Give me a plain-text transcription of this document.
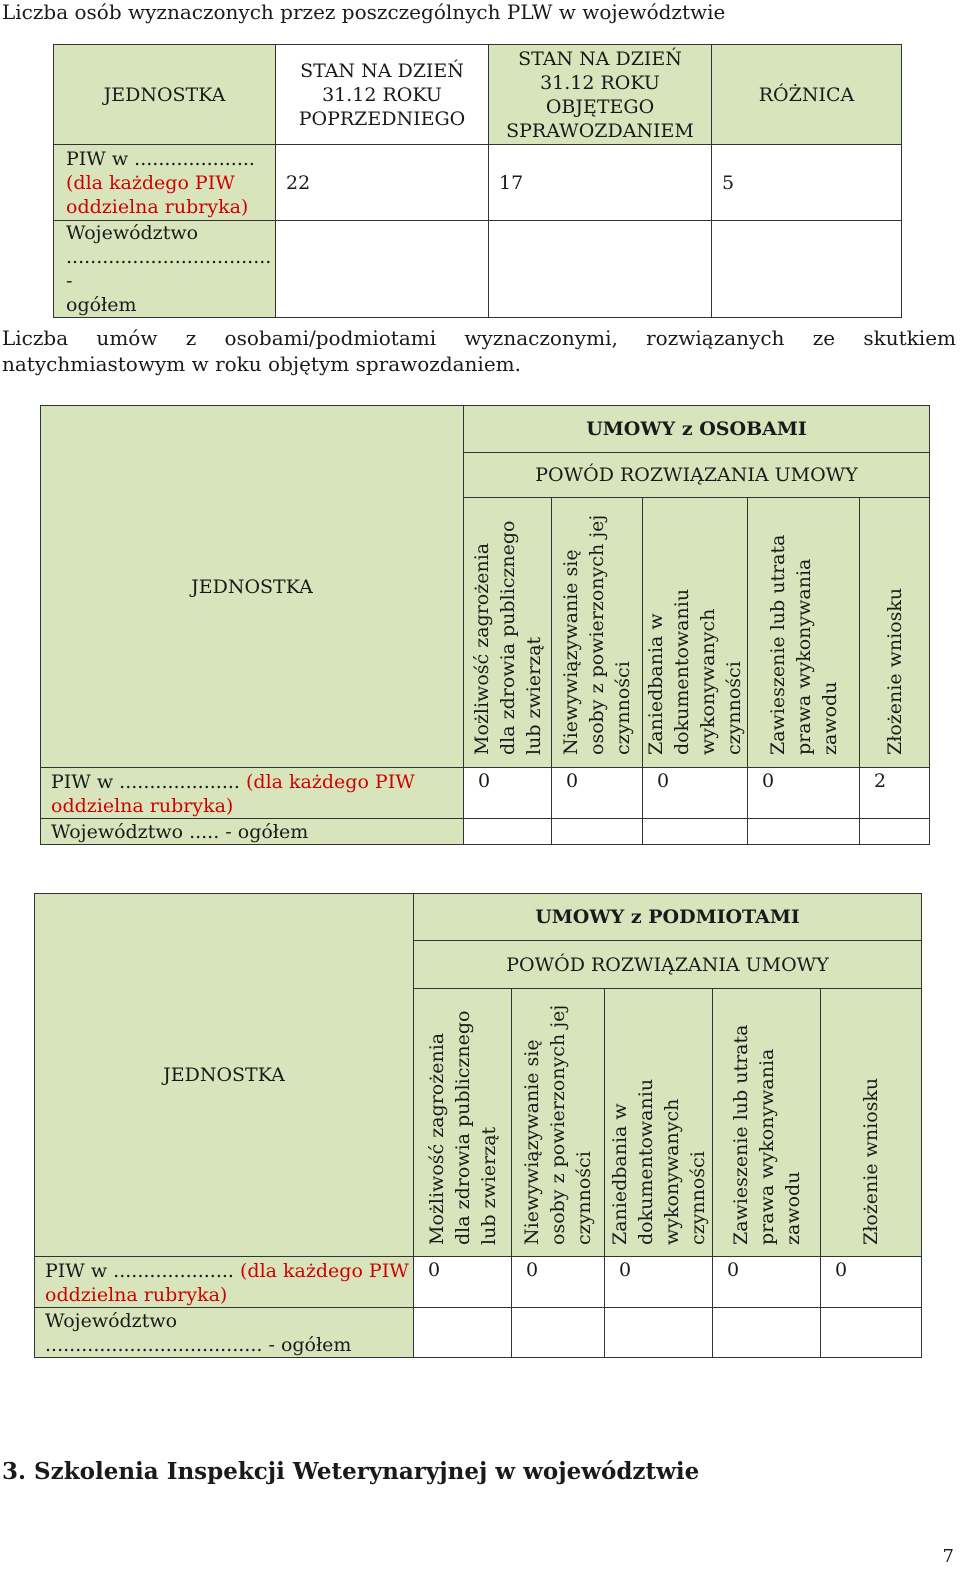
Liczba osób wyznaczonych przez poszczególnych PLW w województwie
JEDNOSTKA	STAN NA DZIEŃ 31.12 ROKU POPRZEDNIEGO	STAN NA DZIEŃ 31.12 ROKU OBJĘTEGO SPRAWOZDANIEM	RÓŻNICA
PIW w ....................
(dla każdego PIW oddzielna rubryka)	22	17	5
Województwo
.................................. -
ogółem			
Liczba umów z osobami/podmiotami wyznaczonymi, rozwiązanych ze skutkiem natychmiastowym w roku objętym sprawozdaniem.
JEDNOSTKA	UMOWY z OSOBAMI				
	POWÓD ROZWIĄZANIA UMOWY				

	Możliwość zagrożenia dla zdrowia publicznego lub zwierząt	Niewywiązywanie się osoby z powierzonych jej czynności	Zaniedbania w dokumentowaniu wykonywanych czynności	Zawieszenie lub utrata prawa wykonywania zawodu	Złożenie wniosku

PIW w .................... (dla każdego PIW
oddzielna rubryka)	0	0	0	0	2
Województwo ..... - ogółem					
JEDNOSTKA	UMOWY z PODMIOTAMI				
	POWÓD ROZWIĄZANIA UMOWY				

	Możliwość zagrożenia dla zdrowia publicznego lub zwierząt	Niewywiązywanie się osoby z powierzonych jej czynności	Zaniedbania w dokumentowaniu wykonywanych czynności	Zawieszenie lub utrata prawa wykonywania zawodu	Złożenie wniosku

PIW w .................... (dla każdego PIW
oddzielna rubryka)	0	0	0	0	0
Województwo
.................................... - ogółem					
3. Szkolenia Inspekcji Weterynaryjnej w województwie
7
